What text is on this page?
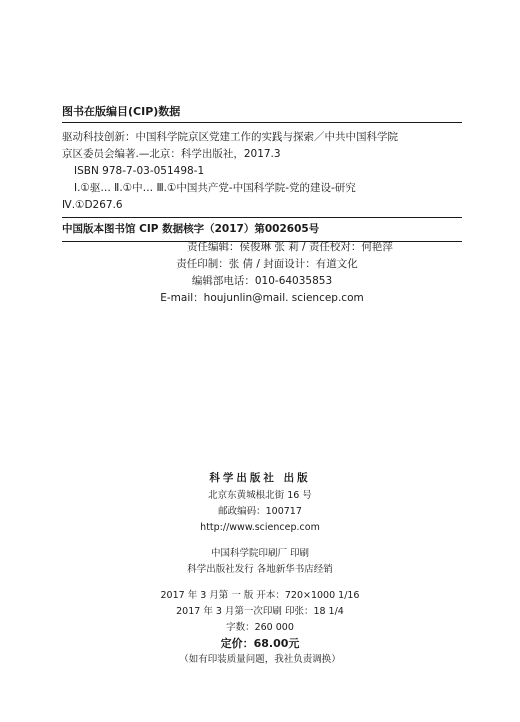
图书在版编目(CIP)数据
驱动科技创新：中国科学院京区党建工作的实践与探索／中共中国科学院
京区委员会编著.—北京：科学出版社，2017.3
ISBN 978-7-03-051498-1
Ⅰ.①驱… Ⅱ.①中… Ⅲ.①中国共产党-中国科学院-党的建设-研究
Ⅳ.①D267.6
中国版本图书馆 CIP 数据核字（2017）第002605号
责任编辑：侯俊琳 张 莉 / 责任校对：何艳萍
责任印制：张 倩 / 封面设计：有道文化
编辑部电话：010-64035853
E-mail：houjunlin@mail. sciencep.com
科学出版社 出版
北京东黄城根北街 16 号
邮政编码：100717
http://www.sciencep.com
中国科学院印刷厂 印刷
科学出版社发行 各地新华书店经销
2017 年 3 月第 一 版 开本：720×1000 1/16
2017 年 3 月第一次印刷 印张：18 1/4
字数：260 000
定价：68.00元
（如有印装质量问题，我社负责调换）
